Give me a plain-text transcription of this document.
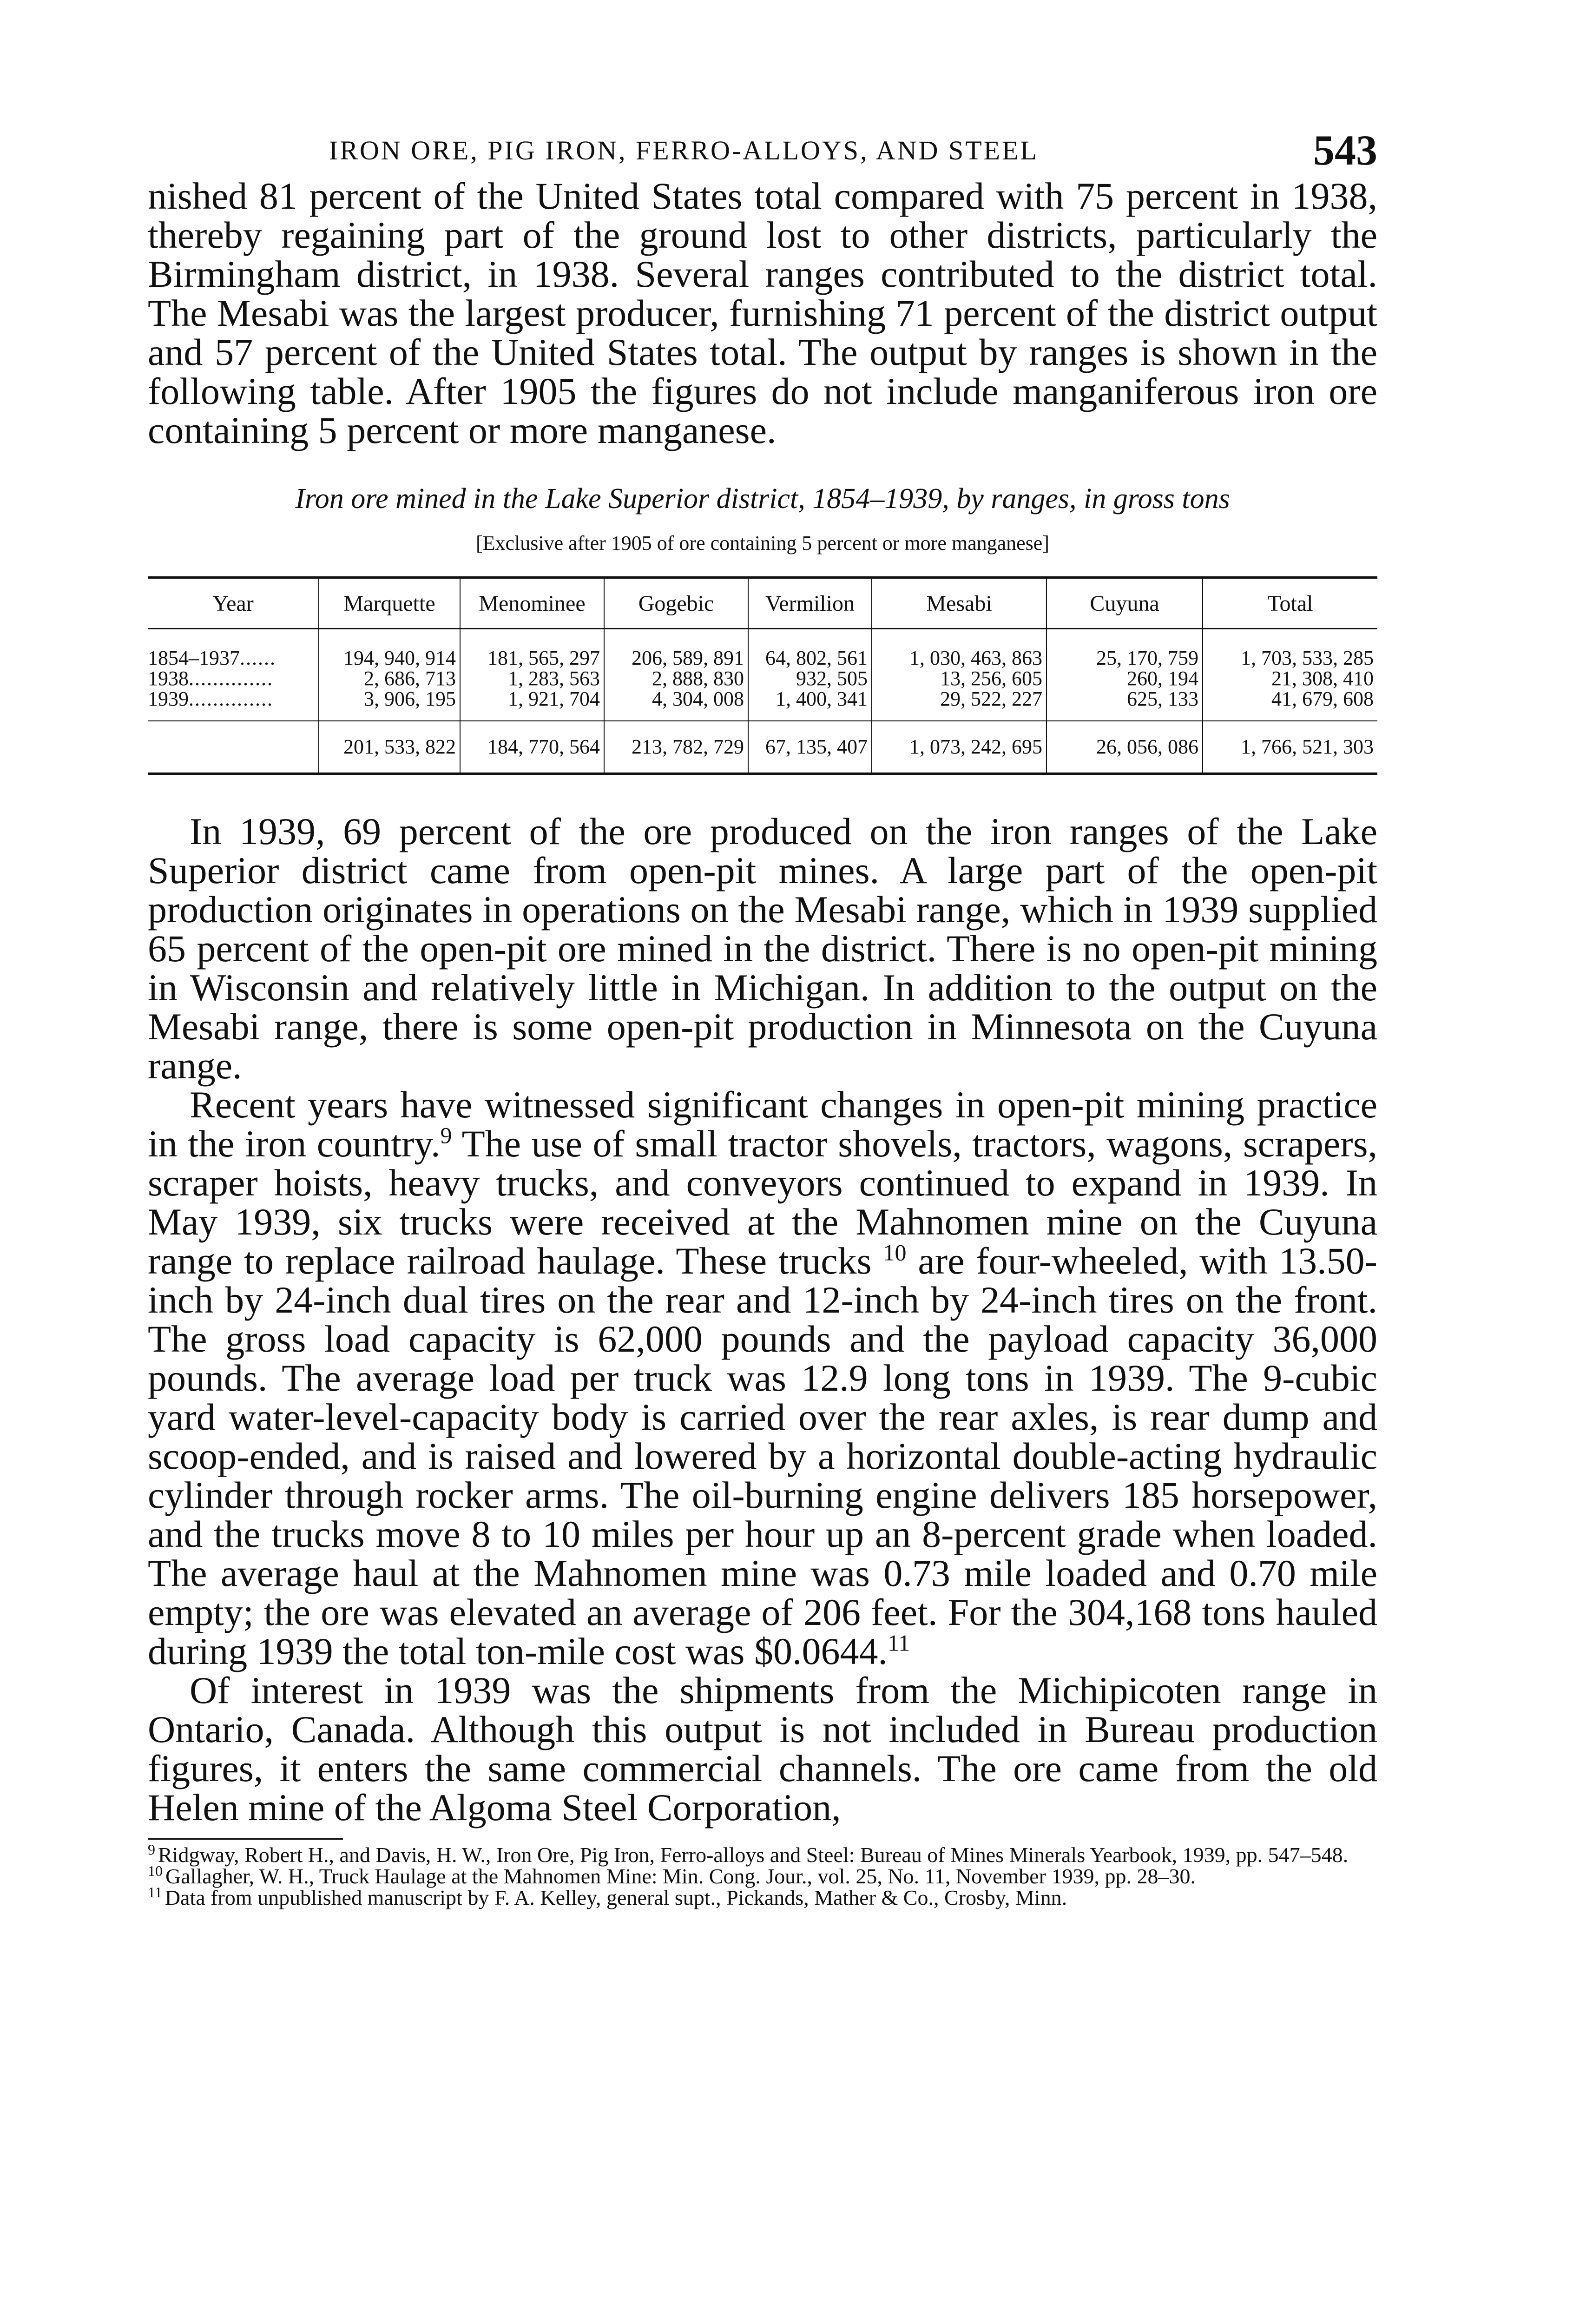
IRON ORE, PIG IRON, FERRO-ALLOYS, AND STEEL	543

nished 81 percent of the United States total compared with 75 percent in 1938, thereby regaining part of the ground lost to other districts, particularly the Birmingham district, in 1938. Several ranges contributed to the district total. The Mesabi was the largest producer, furnishing 71 percent of the district output and 57 percent of the United States total. The output by ranges is shown in the following table. After 1905 the figures do not include manganiferous iron ore containing 5 percent or more manganese.

Iron ore mined in the Lake Superior district, 1854–1939, by ranges, in gross tons
[Exclusive after 1905 of ore containing 5 percent or more manganese]
Year	Marquette	Menominee	Gogebic	Vermilion	Mesabi	Cuyuna	Total
1854–1937......	194, 940, 914	181, 565, 297	206, 589, 891	64, 802, 561	1, 030, 463, 863	25, 170, 759	1, 703, 533, 285
1938..............	2, 686, 713	1, 283, 563	2, 888, 830	932, 505	13, 256, 605	260, 194	21, 308, 410
1939..............	3, 906, 195	1, 921, 704	4, 304, 008	1, 400, 341	29, 522, 227	625, 133	41, 679, 608
	201, 533, 822	184, 770, 564	213, 782, 729	67, 135, 407	1, 073, 242, 695	26, 056, 086	1, 766, 521, 303

In 1939, 69 percent of the ore produced on the iron ranges of the Lake Superior district came from open-pit mines. A large part of the open-pit production originates in operations on the Mesabi range, which in 1939 supplied 65 percent of the open-pit ore mined in the district. There is no open-pit mining in Wisconsin and relatively little in Michigan. In addition to the output on the Mesabi range, there is some open-pit production in Minnesota on the Cuyuna range.

Recent years have witnessed significant changes in open-pit mining practice in the iron country.$^9$ The use of small tractor shovels, tractors, wagons, scrapers, scraper hoists, heavy trucks, and conveyors continued to expand in 1939. In May 1939, six trucks were received at the Mahnomen mine on the Cuyuna range to replace railroad haulage. These trucks $^{10}$ are four-wheeled, with 13.50-inch by 24-inch dual tires on the rear and 12-inch by 24-inch tires on the front. The gross load capacity is 62,000 pounds and the payload capacity 36,000 pounds. The average load per truck was 12.9 long tons in 1939. The 9-cubic yard water-level-capacity body is carried over the rear axles, is rear dump and scoop-ended, and is raised and lowered by a horizontal double-acting hydraulic cylinder through rocker arms. The oil-burning engine delivers 185 horsepower, and the trucks move 8 to 10 miles per hour up an 8-percent grade when loaded. The average haul at the Mahnomen mine was 0.73 mile loaded and 0.70 mile empty; the ore was elevated an average of 206 feet. For the 304,168 tons hauled during 1939 the total ton-mile cost was $0.0644.11

Of interest in 1939 was the shipments from the Michipicoten range in Ontario, Canada. Although this output is not included in Bureau production figures, it enters the same commercial channels. The ore came from the old Helen mine of the Algoma Steel Corporation,

$^9$ Ridgway, Robert H., and Davis, H. W., Iron Ore, Pig Iron, Ferro-alloys and Steel: Bureau of Mines Minerals Yearbook, 1939, pp. 547–548.

$^{10}$ Gallagher, W. H., Truck Haulage at the Mahnomen Mine: Min. Cong. Jour., vol. 25, No. 11, November 1939, pp. 28–30.

$^{11}$ Data from unpublished manuscript by F. A. Kelley, general supt., Pickands, Mather & Co., Crosby, Minn.
